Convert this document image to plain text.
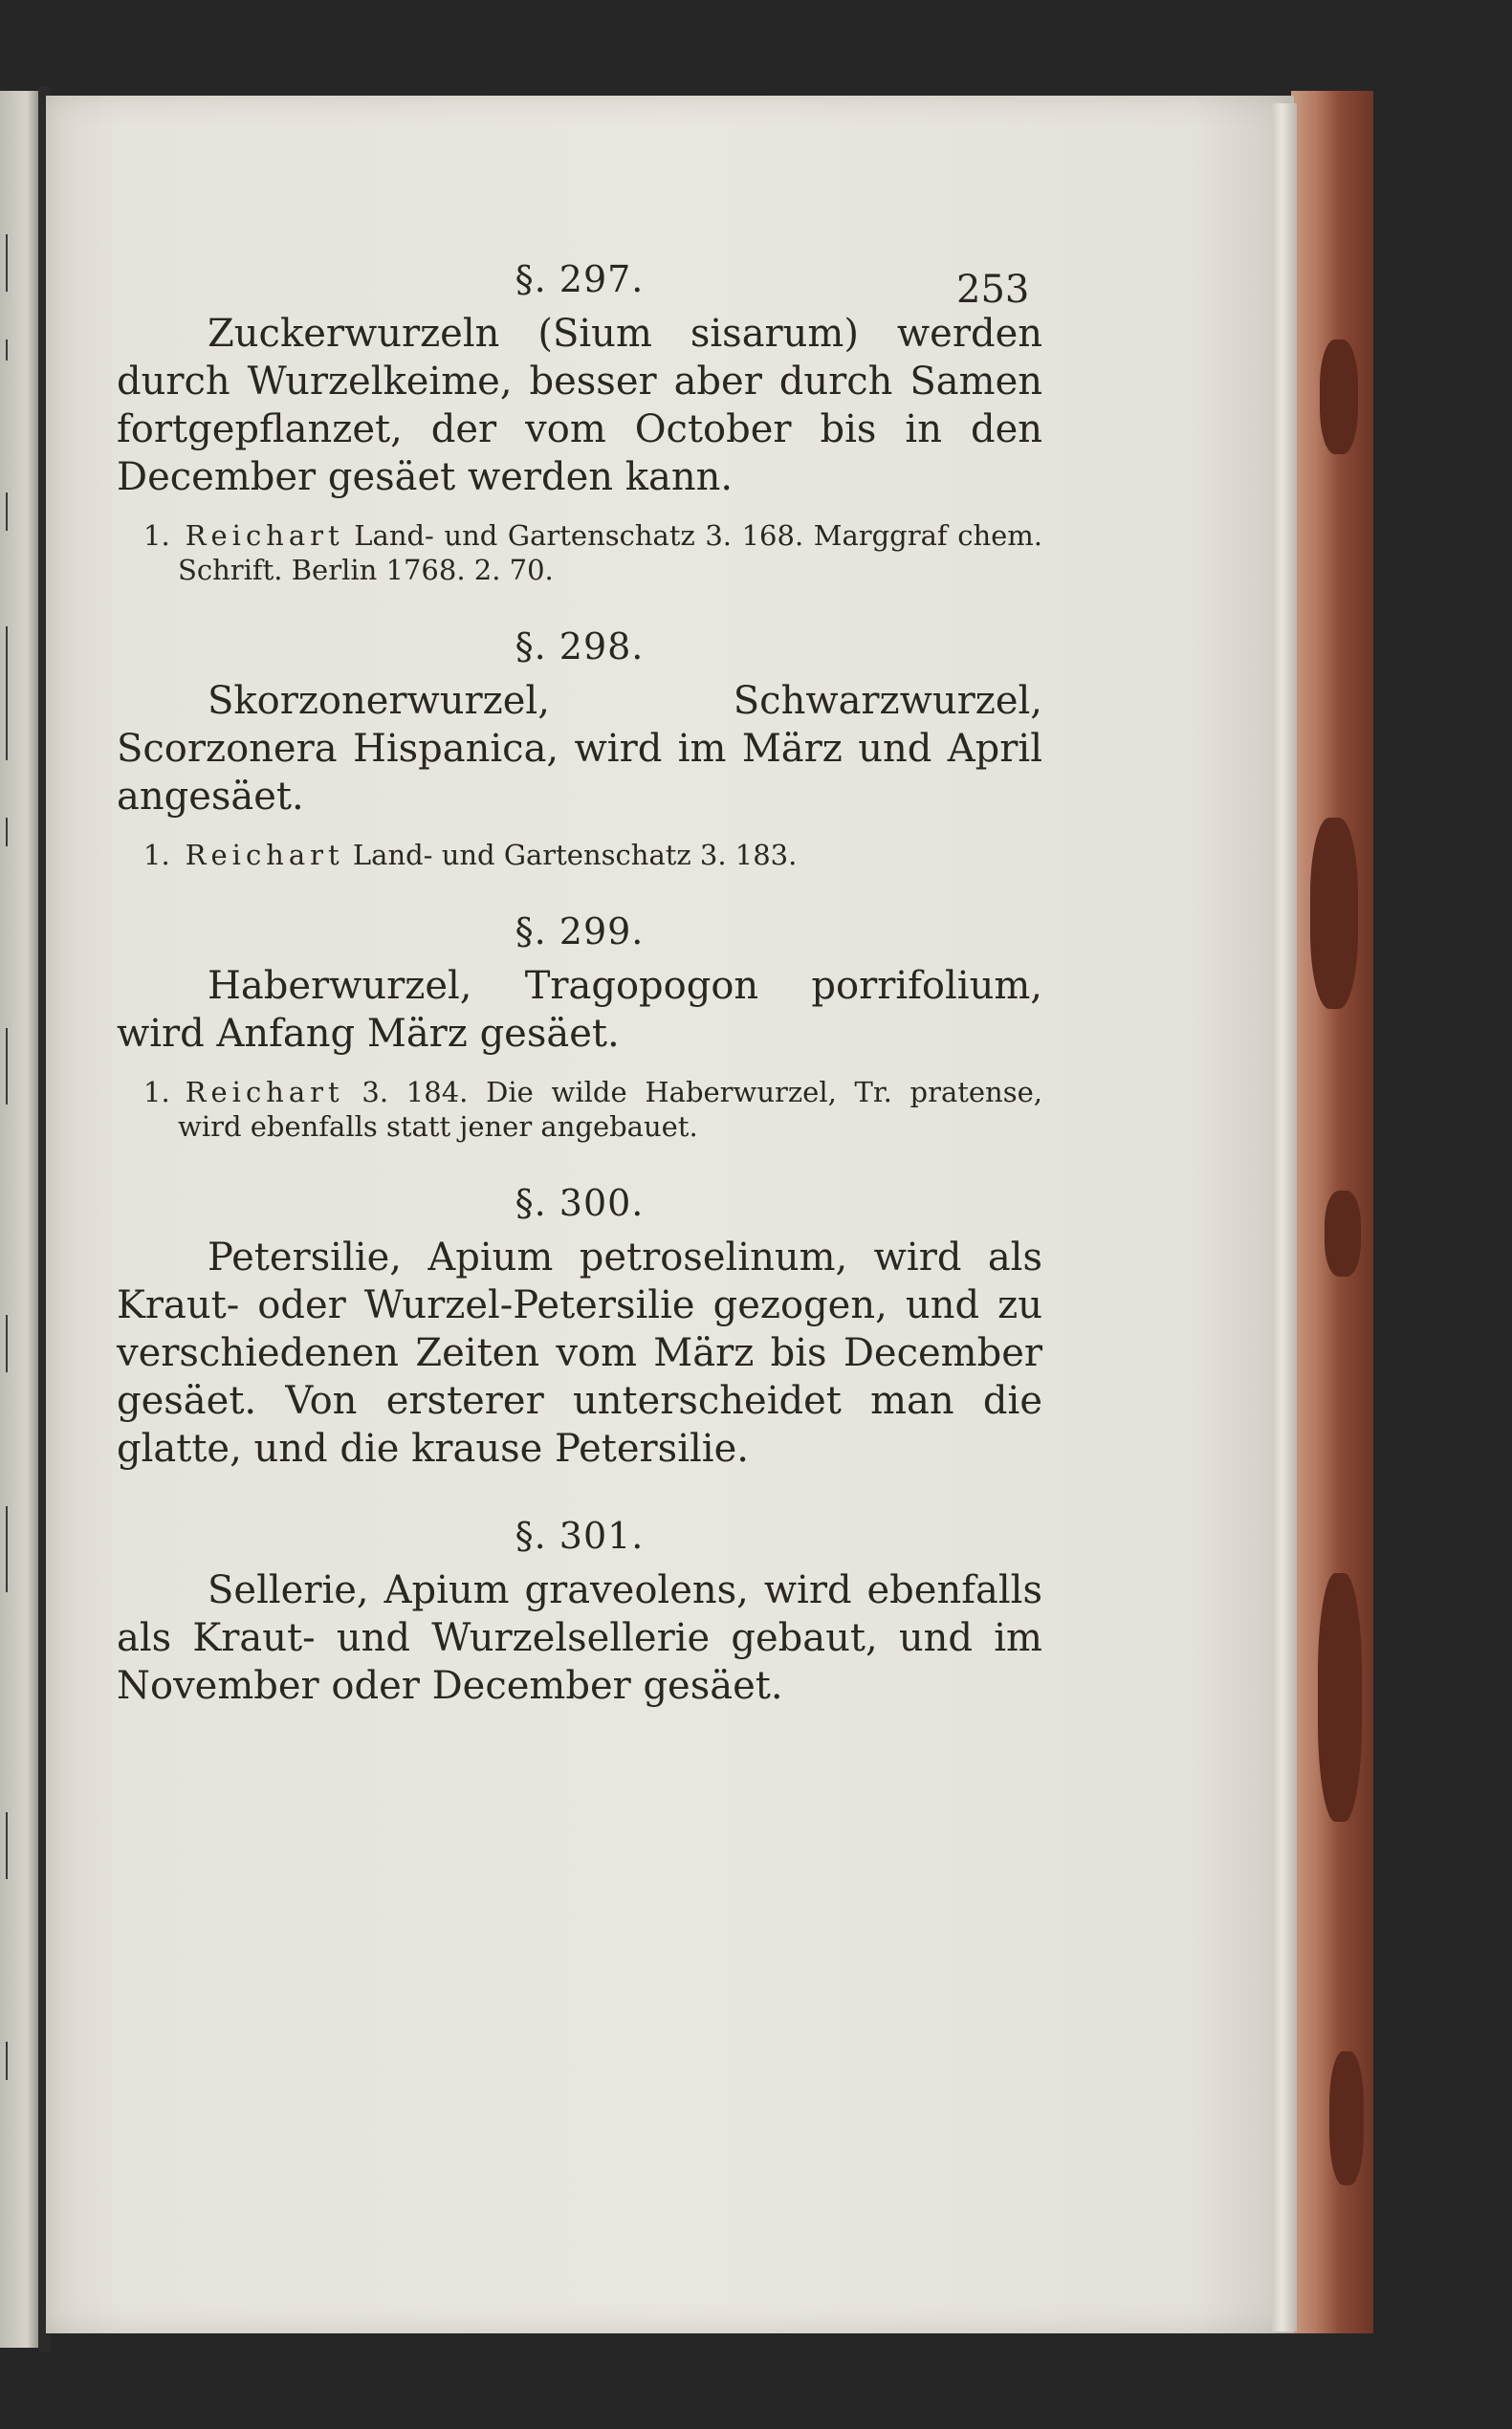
253

§. 297.

Zuckerwurzeln (Sium sisarum) werden durch Wurzelkeime, besser aber durch Samen fortgepflanzet, der vom October bis in den December gesäet werden kann.

1. Reichart Land- und Gartenschatz 3. 168. Marggraf chem. Schrift. Berlin 1768. 2. 70.

§. 298.

Skorzonerwurzel, Schwarzwurzel, Scorzonera Hispanica, wird im März und April angesäet.

1. Reichart Land- und Gartenschatz 3. 183.

§. 299.

Haberwurzel, Tragopogon porrifolium, wird Anfang März gesäet.

1. Reichart 3. 184. Die wilde Haberwurzel, Tr. pratense, wird ebenfalls statt jener angebauet.

§. 300.

Petersilie, Apium petroselinum, wird als Kraut- oder Wurzel-Petersilie gezogen, und zu verschiedenen Zeiten vom März bis December gesäet. Von ersterer unterscheidet man die glatte, und die krause Petersilie.

§. 301.

Sellerie, Apium graveolens, wird ebenfalls als Kraut- und Wurzelsellerie gebaut, und im November oder December gesäet.
